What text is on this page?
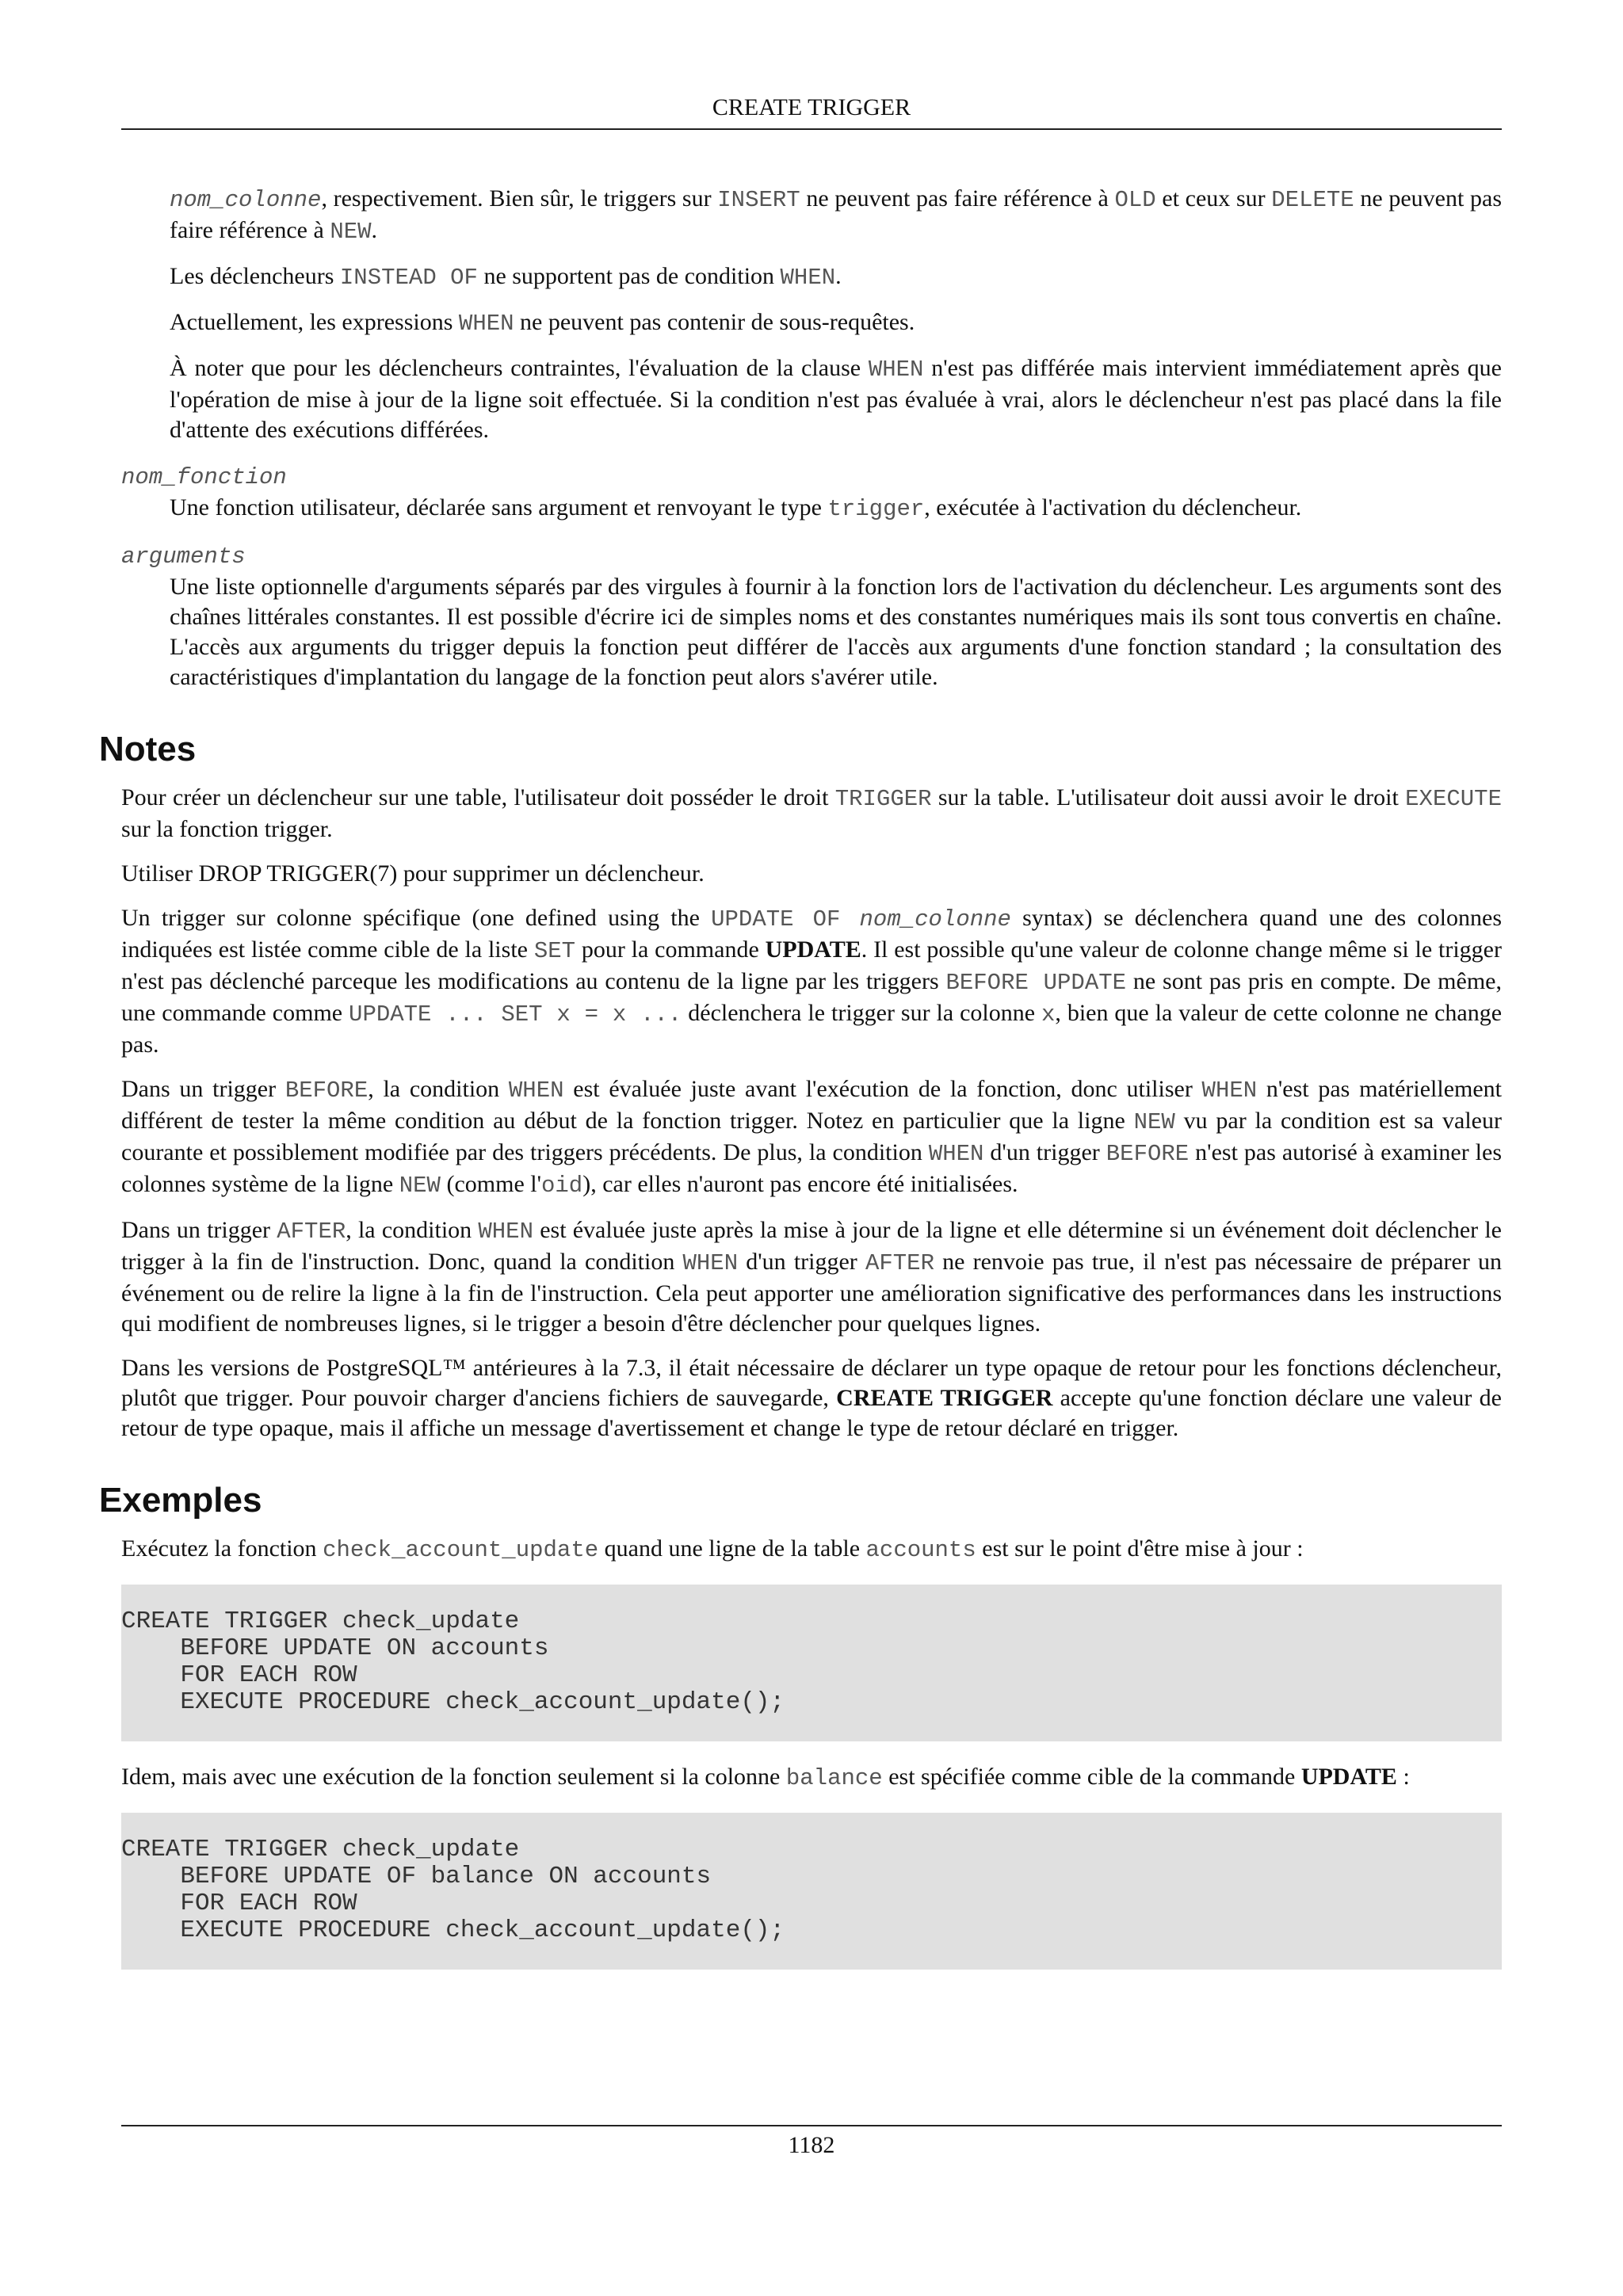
CREATE TRIGGER

nom_colonne, respectivement. Bien sûr, le triggers sur INSERT ne peuvent pas faire référence à OLD et ceux sur DELETE ne peuvent pas faire référence à NEW.

Les déclencheurs INSTEAD OF ne supportent pas de condition WHEN.

Actuellement, les expressions WHEN ne peuvent pas contenir de sous-requêtes.

À noter que pour les déclencheurs contraintes, l'évaluation de la clause WHEN n'est pas différée mais intervient immédiatement après que l'opération de mise à jour de la ligne soit effectuée. Si la condition n'est pas évaluée à vrai, alors le déclencheur n'est pas placé dans la file d'attente des exécutions différées.

nom_fonction

Une fonction utilisateur, déclarée sans argument et renvoyant le type trigger, exécutée à l'activation du déclencheur.

arguments

Une liste optionnelle d'arguments séparés par des virgules à fournir à la fonction lors de l'activation du déclencheur. Les arguments sont des chaînes littérales constantes. Il est possible d'écrire ici de simples noms et des constantes numériques mais ils sont tous convertis en chaîne. L'accès aux arguments du trigger depuis la fonction peut différer de l'accès aux arguments d'une fonction standard ; la consultation des caractéristiques d'implantation du langage de la fonction peut alors s'avérer utile.

Notes

Pour créer un déclencheur sur une table, l'utilisateur doit posséder le droit TRIGGER sur la table. L'utilisateur doit aussi avoir le droit EXECUTE sur la fonction trigger.

Utiliser DROP TRIGGER(7) pour supprimer un déclencheur.

Un trigger sur colonne spécifique (one defined using the UPDATE OF nom_colonne syntax) se déclenchera quand une des colonnes indiquées est listée comme cible de la liste SET pour la commande UPDATE. Il est possible qu'une valeur de colonne change même si le trigger n'est pas déclenché parceque les modifications au contenu de la ligne par les triggers BEFORE UPDATE ne sont pas pris en compte. De même, une commande comme UPDATE ... SET x = x ... déclenchera le trigger sur la colonne x, bien que la valeur de cette colonne ne change pas.

Dans un trigger BEFORE, la condition WHEN est évaluée juste avant l'exécution de la fonction, donc utiliser WHEN n'est pas matériellement différent de tester la même condition au début de la fonction trigger. Notez en particulier que la ligne NEW vu par la condition est sa valeur courante et possiblement modifiée par des triggers précédents. De plus, la condition WHEN d'un trigger BEFORE n'est pas autorisé à examiner les colonnes système de la ligne NEW (comme l'oid), car elles n'auront pas encore été initialisées.

Dans un trigger AFTER, la condition WHEN est évaluée juste après la mise à jour de la ligne et elle détermine si un événement doit déclencher le trigger à la fin de l'instruction. Donc, quand la condition WHEN d'un trigger AFTER ne renvoie pas true, il n'est pas nécessaire de préparer un événement ou de relire la ligne à la fin de l'instruction. Cela peut apporter une amélioration significative des performances dans les instructions qui modifient de nombreuses lignes, si le trigger a besoin d'être déclencher pour quelques lignes.

Dans les versions de PostgreSQL™ antérieures à la 7.3, il était nécessaire de déclarer un type opaque de retour pour les fonctions déclencheur, plutôt que trigger. Pour pouvoir charger d'anciens fichiers de sauvegarde, CREATE TRIGGER accepte qu'une fonction déclare une valeur de retour de type opaque, mais il affiche un message d'avertissement et change le type de retour déclaré en trigger.

Exemples

Exécutez la fonction check_account_update quand une ligne de la table accounts est sur le point d'être mise à jour :

CREATE TRIGGER check_update
BEFORE UPDATE ON accounts
FOR EACH ROW
EXECUTE PROCEDURE check_account_update();

Idem, mais avec une exécution de la fonction seulement si la colonne balance est spécifiée comme cible de la commande UPDATE :

CREATE TRIGGER check_update
BEFORE UPDATE OF balance ON accounts
FOR EACH ROW
EXECUTE PROCEDURE check_account_update();
1182
